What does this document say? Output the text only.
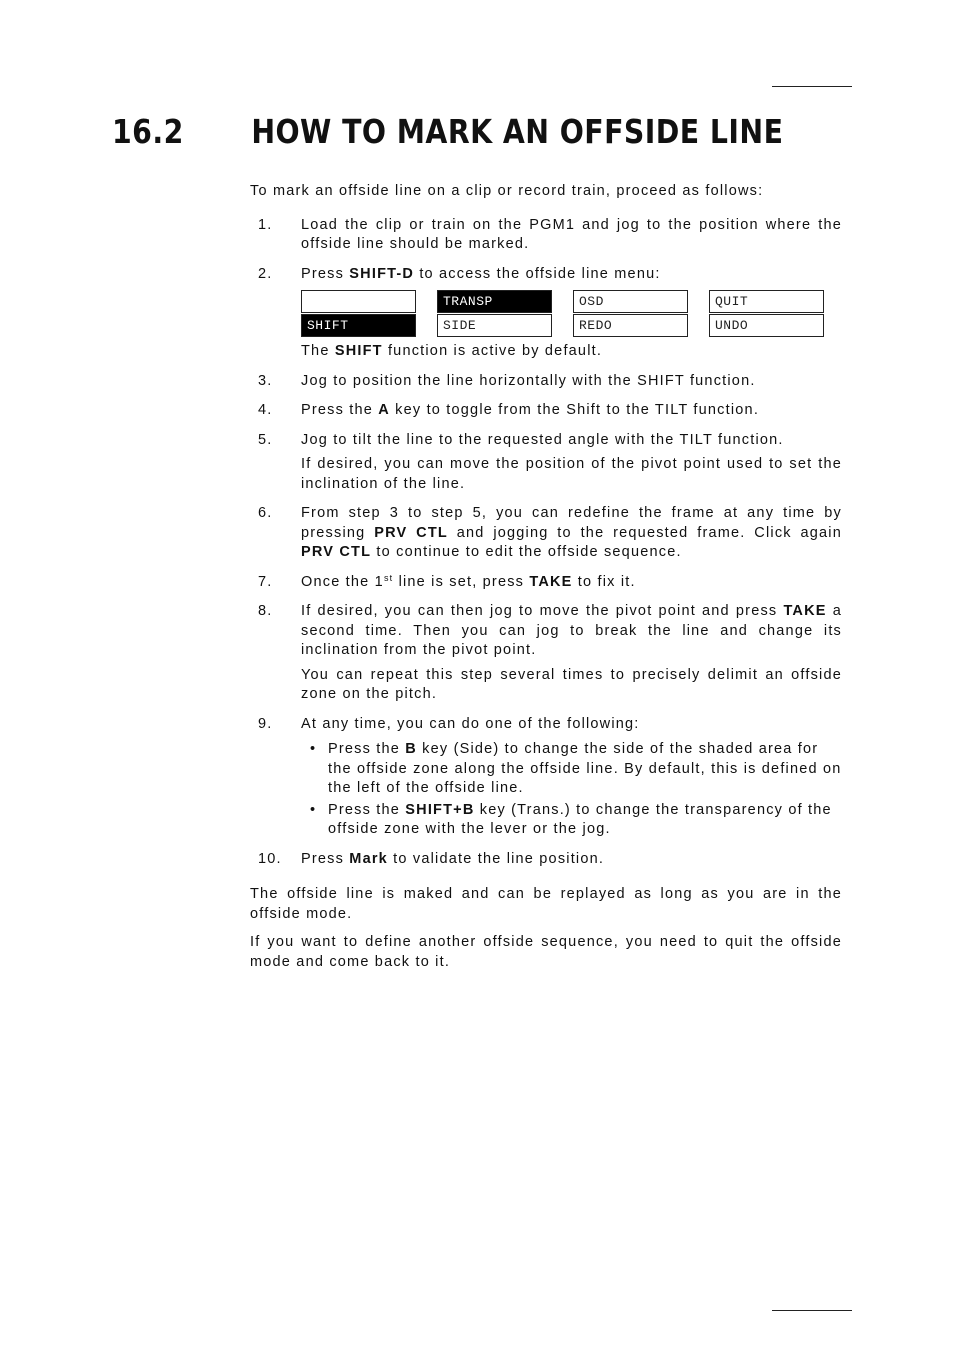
16.2 HOW TO MARK AN OFFSIDE LINE

To mark an offside line on a clip or record train, proceed as follows:

1. Load the clip or train on the PGM1 and jog to the position where the offside line should be marked.

2. Press SHIFT-D to access the offside line menu:

SHIFT
TRANSP
SIDE
OSD
REDO
QUIT
UNDO

The SHIFT function is active by default.

3. Jog to position the line horizontally with the SHIFT function.

4. Press the A key to toggle from the Shift to the TILT function.

5. Jog to tilt the line to the requested angle with the TILT function.

If desired, you can move the position of the pivot point used to set the inclination of the line.

6. From step 3 to step 5, you can redefine the frame at any time by pressing PRV CTL and jogging to the requested frame. Click again PRV CTL to continue to edit the offside sequence.

7. Once the 1st line is set, press TAKE to fix it.

8. If desired, you can then jog to move the pivot point and press TAKE a second time. Then you can jog to break the line and change its inclination from the pivot point.

You can repeat this step several times to precisely delimit an offside zone on the pitch.

9. At any time, you can do one of the following:

• Press the B key (Side) to change the side of the shaded area for the offside zone along the offside line. By default, this is defined on the left of the offside line.
• Press the SHIFT+B key (Trans.) to change the transparency of the offside zone with the lever or the jog.
10. Press Mark to validate the line position.

The offside line is maked and can be replayed as long as you are in the offside mode.

If you want to define another offside sequence, you need to quit the offside mode and come back to it.
